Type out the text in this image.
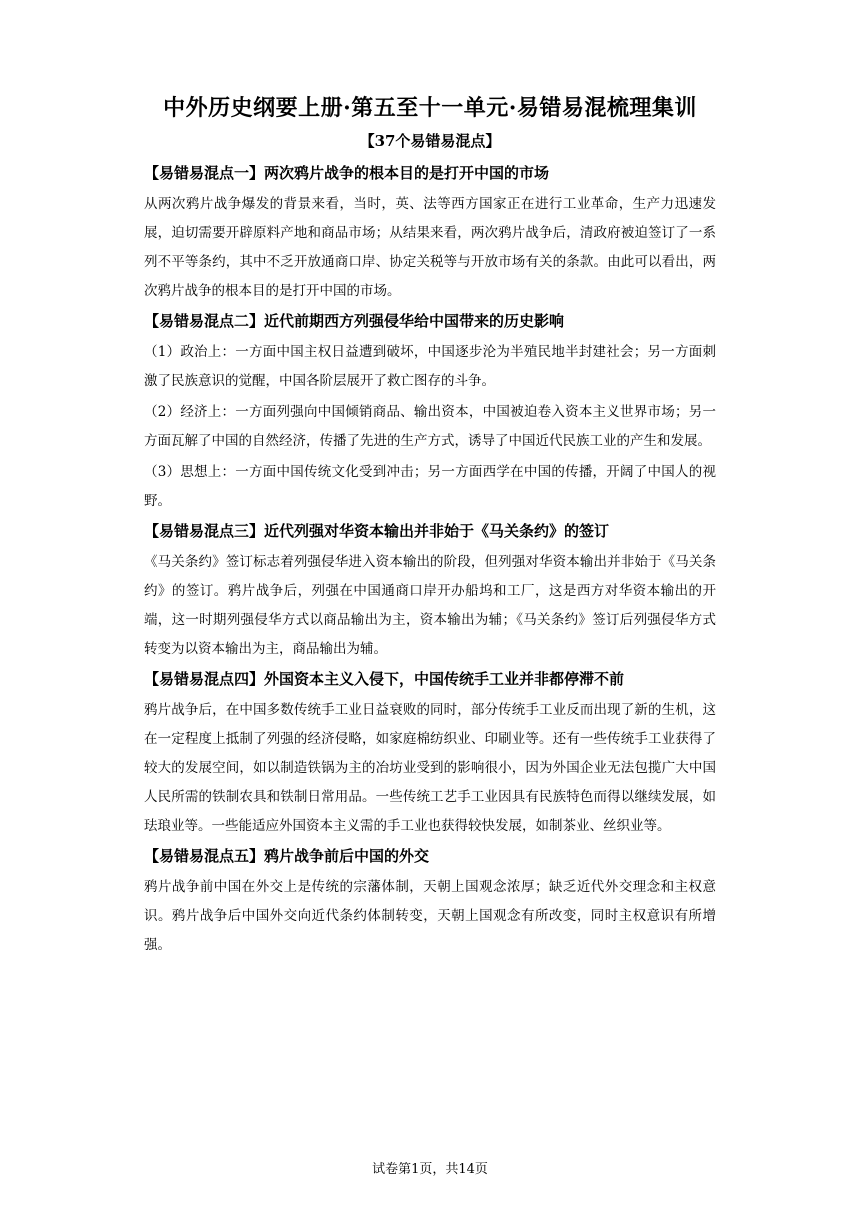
中外历史纲要上册·第五至十一单元·易错易混梳理集训
【37个易错易混点】
【易错易混点一】两次鸦片战争的根本目的是打开中国的市场

从两次鸦片战争爆发的背景来看，当时，英、法等西方国家正在进行工业革命，生产力迅速发展，迫切需要开辟原料产地和商品市场；从结果来看，两次鸦片战争后，清政府被迫签订了一系列不平等条约，其中不乏开放通商口岸、协定关税等与开放市场有关的条款。由此可以看出，两次鸦片战争的根本目的是打开中国的市场。

【易错易混点二】近代前期西方列强侵华给中国带来的历史影响

（1）政治上：一方面中国主权日益遭到破坏，中国逐步沦为半殖民地半封建社会；另一方面刺激了民族意识的觉醒，中国各阶层展开了救亡图存的斗争。

（2）经济上：一方面列强向中国倾销商品、输出资本，中国被迫卷入资本主义世界市场；另一方面瓦解了中国的自然经济，传播了先进的生产方式，诱导了中国近代民族工业的产生和发展。

（3）思想上：一方面中国传统文化受到冲击；另一方面西学在中国的传播，开阔了中国人的视野。

【易错易混点三】近代列强对华资本输出并非始于《马关条约》的签订

《马关条约》签订标志着列强侵华进入资本输出的阶段，但列强对华资本输出并非始于《马关条约》的签订。鸦片战争后，列强在中国通商口岸开办船坞和工厂，这是西方对华资本输出的开端，这一时期列强侵华方式以商品输出为主，资本输出为辅；《马关条约》签订后列强侵华方式转变为以资本输出为主，商品输出为辅。

【易错易混点四】外国资本主义入侵下，中国传统手工业并非都停滞不前

鸦片战争后，在中国多数传统手工业日益衰败的同时，部分传统手工业反而出现了新的生机，这在一定程度上抵制了列强的经济侵略，如家庭棉纺织业、印刷业等。还有一些传统手工业获得了较大的发展空间，如以制造铁锅为主的冶坊业受到的影响很小，因为外国企业无法包揽广大中国人民所需的铁制农具和铁制日常用品。一些传统工艺手工业因具有民族特色而得以继续发展，如珐琅业等。一些能适应外国资本主义需的手工业也获得较快发展，如制茶业、丝织业等。

【易错易混点五】鸦片战争前后中国的外交

鸦片战争前中国在外交上是传统的宗藩体制，天朝上国观念浓厚；缺乏近代外交理念和主权意识。鸦片战争后中国外交向近代条约体制转变，天朝上国观念有所改变，同时主权意识有所增强。

试卷第1页，共14页
